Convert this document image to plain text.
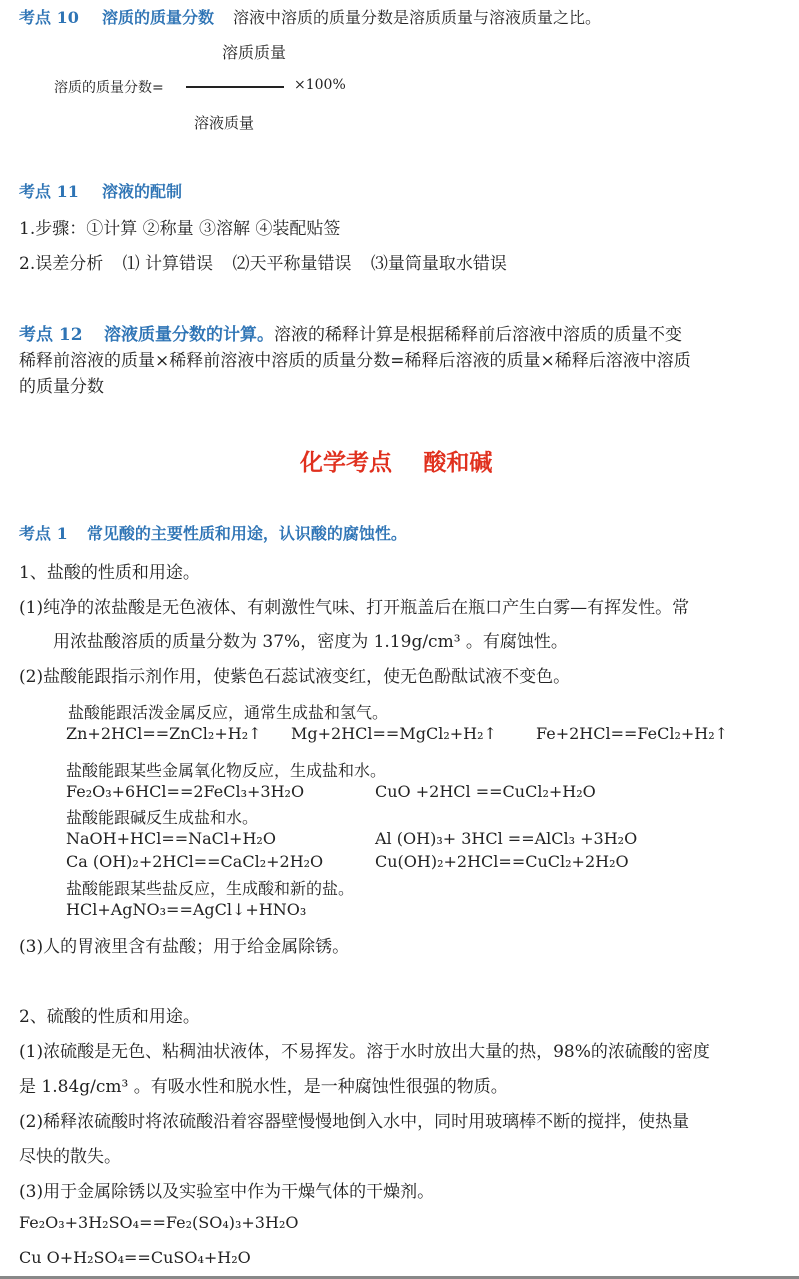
考点 10 溶质的质量分数 溶液中溶质的质量分数是溶质质量与溶液质量之比。
溶质质量
溶质的质量分数=	×100%
溶液质量
考点 11 溶液的配制
1.步骤：①计算 ②称量 ③溶解 ④装配贴签
2.误差分析 ⑴ 计算错误 ⑵天平称量错误 ⑶量筒量取水错误
考点 12 溶液质量分数的计算。溶液的稀释计算是根据稀释前后溶液中溶质的质量不变
稀释前溶液的质量×稀释前溶液中溶质的质量分数=稀释后溶液的质量×稀释后溶液中溶质
的质量分数
化学考点 酸和碱
考点 1 常见酸的主要性质和用途，认识酸的腐蚀性。
1、盐酸的性质和用途。
(1)纯净的浓盐酸是无色液体、有刺激性气味、打开瓶盖后在瓶口产生白雾—有挥发性。常
用浓盐酸溶质的质量分数为 37%，密度为 1.19g/cm³ 。有腐蚀性。
(2)盐酸能跟指示剂作用，使紫色石蕊试液变红，使无色酚酞试液不变色。
盐酸能跟活泼金属反应，通常生成盐和氢气。
Zn+2HCl==ZnCl₂+H₂↑ Mg+2HCl==MgCl₂+H₂↑ Fe+2HCl==FeCl₂+H₂↑
盐酸能跟某些金属氧化物反应，生成盐和水。
Fe₂O₃+6HCl==2FeCl₃+3H₂O	CuO +2HCl ==CuCl₂+H₂O
盐酸能跟碱反生成盐和水。
NaOH+HCl==NaCl+H₂O	Al (OH)₃+ 3HCl ==AlCl₃ +3H₂O
Ca (OH)₂+2HCl==CaCl₂+2H₂O	Cu(OH)₂+2HCl==CuCl₂+2H₂O
盐酸能跟某些盐反应，生成酸和新的盐。
HCl+AgNO₃==AgCl↓+HNO₃
(3)人的胃液里含有盐酸；用于给金属除锈。
2、硫酸的性质和用途。
(1)浓硫酸是无色、粘稠油状液体，不易挥发。溶于水时放出大量的热，98%的浓硫酸的密度
是 1.84g/cm³ 。有吸水性和脱水性，是一种腐蚀性很强的物质。
(2)稀释浓硫酸时将浓硫酸沿着容器壁慢慢地倒入水中，同时用玻璃棒不断的搅拌，使热量
尽快的散失。
(3)用于金属除锈以及实验室中作为干燥气体的干燥剂。
Fe₂O₃+3H₂SO₄==Fe₂(SO₄)₃+3H₂O
Cu O+H₂SO₄==CuSO₄+H₂O
